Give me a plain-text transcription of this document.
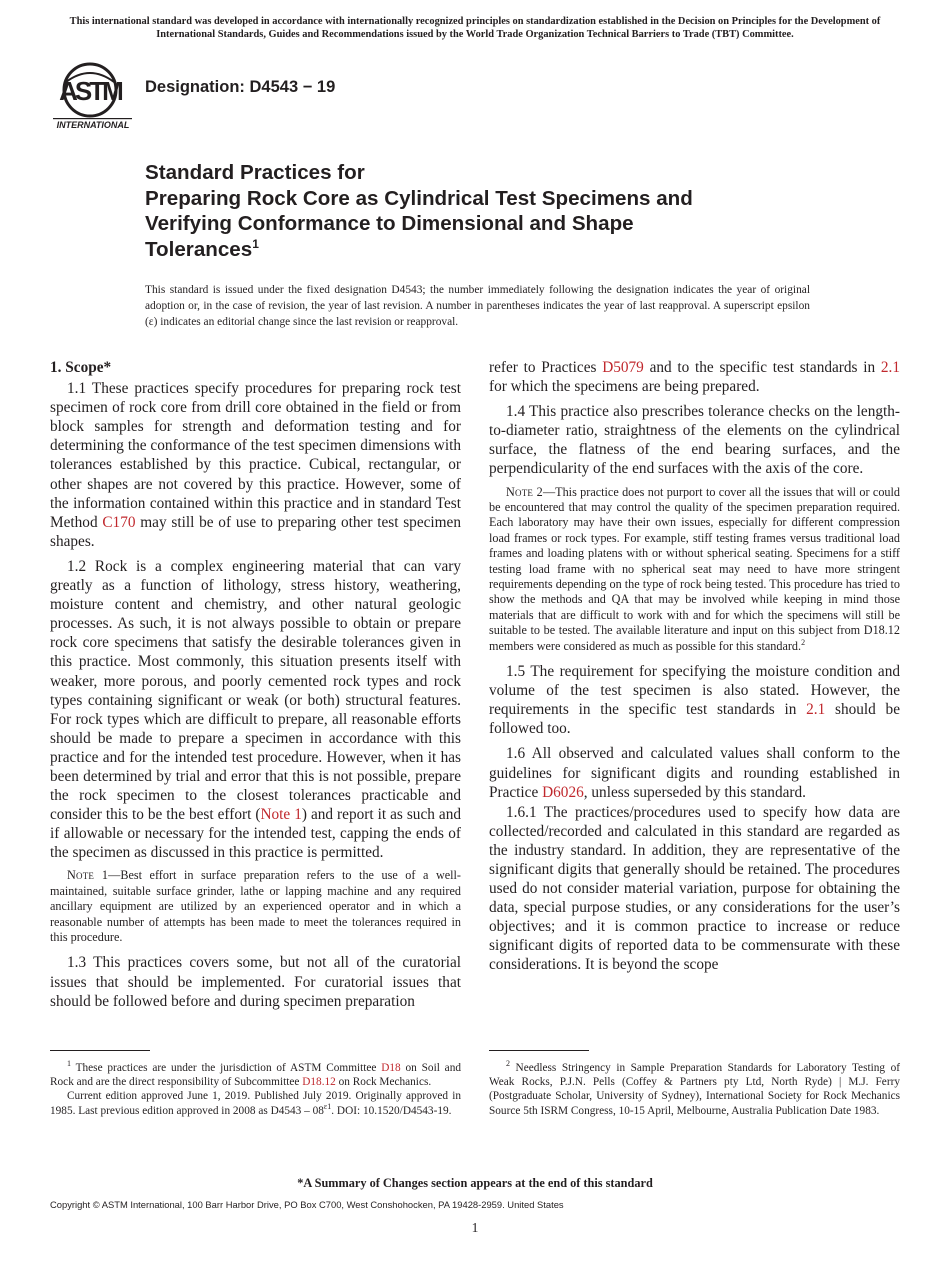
This international standard was developed in accordance with internationally recognized principles on standardization established in the Decision on Principles for the Development of International Standards, Guides and Recommendations issued by the World Trade Organization Technical Barriers to Trade (TBT) Committee.
ASTM
INTERNATIONAL
Designation: D4543 − 19
Standard Practices for
Preparing Rock Core as Cylindrical Test Specimens and
Verifying Conformance to Dimensional and Shape
Tolerances$^1$
This standard is issued under the fixed designation D4543; the number immediately following the designation indicates the year of original adoption or, in the case of revision, the year of last revision. A number in parentheses indicates the year of last reapproval. A superscript epsilon (ε) indicates an editorial change since the last revision or reapproval.
1. Scope*

1.1 These practices specify procedures for preparing rock test specimen of rock core from drill core obtained in the field or from block samples for strength and deformation testing and for determining the conformance of the test specimen dimensions with tolerances established by this practice. Cubical, rectangular, or other shapes are not covered by this practice. However, some of the information contained within this practice and in standard Test Method C170 may still be of use to preparing other test specimen shapes.

1.2 Rock is a complex engineering material that can vary greatly as a function of lithology, stress history, weathering, moisture content and chemistry, and other natural geologic processes. As such, it is not always possible to obtain or prepare rock core specimens that satisfy the desirable tolerances given in this practice. Most commonly, this situation presents itself with weaker, more porous, and poorly cemented rock types and rock types containing significant or weak (or both) structural features. For rock types which are difficult to prepare, all reasonable efforts should be made to prepare a specimen in accordance with this practice and for the intended test procedure. However, when it has been determined by trial and error that this is not possible, prepare the rock specimen to the closest tolerances practicable and consider this to be the best effort (Note 1) and report it as such and if allowable or necessary for the intended test, capping the ends of the specimen as discussed in this practice is permitted.

Note 1—Best effort in surface preparation refers to the use of a well-maintained, suitable surface grinder, lathe or lapping machine and any required ancillary equipment are utilized by an experienced operator and in which a reasonable number of attempts has been made to meet the tolerances required in this procedure.

1.3 This practices covers some, but not all of the curatorial issues that should be implemented. For curatorial issues that should be followed before and during specimen preparation

refer to Practices D5079 and to the specific test standards in 2.1 for which the specimens are being prepared.

1.4 This practice also prescribes tolerance checks on the length-to-diameter ratio, straightness of the elements on the cylindrical surface, the flatness of the end bearing surfaces, and the perpendicularity of the end surfaces with the axis of the core.

Note 2—This practice does not purport to cover all the issues that will or could be encountered that may control the quality of the specimen preparation required. Each laboratory may have their own issues, especially for different compression load frames or rock types. For example, stiff testing frames versus traditional load frames and loading platens with or without spherical seating. Specimens for a stiff testing load frame with no spherical seat may need to have more stringent requirements depending on the type of rock being tested. This procedure has tried to show the methods and QA that may be involved while keeping in mind those materials that are difficult to work with and for which the specimens will still be suitable to be tested. The available literature and input on this subject from D18.12 members were considered as much as possible for this standard.$^2$

1.5 The requirement for specifying the moisture condition and volume of the test specimen is also stated. However, the requirements in the specific test standards in 2.1 should be followed too.

1.6 All observed and calculated values shall conform to the guidelines for significant digits and rounding established in Practice D6026, unless superseded by this standard.

1.6.1 The practices/procedures used to specify how data are collected/recorded and calculated in this standard are regarded as the industry standard. In addition, they are representative of the significant digits that generally should be retained. The procedures used do not consider material variation, purpose for obtaining the data, special purpose studies, or any considerations for the user’s objectives; and it is common practice to increase or reduce significant digits of reported data to be commensurate with these considerations. It is beyond the scope

$^1$ These practices are under the jurisdiction of ASTM Committee D18 on Soil and Rock and are the direct responsibility of Subcommittee D18.12 on Rock Mechanics.

Current edition approved June 1, 2019. Published July 2019. Originally approved in 1985. Last previous edition approved in 2008 as $D4543 - 08^{\varepsilon 1}$. DOI: 10.1520/D4543-19.

$^2$ Needless Stringency in Sample Preparation Standards for Laboratory Testing of Weak Rocks, P.J.N. Pells (Coffey & Partners pty Ltd, North Ryde) | M.J. Ferry (Postgraduate Scholar, University of Sydney), International Society for Rock Mechanics Source 5th ISRM Congress, 10-15 April, Melbourne, Australia Publication Date 1983.

*A Summary of Changes section appears at the end of this standard
Copyright © ASTM International, 100 Barr Harbor Drive, PO Box C700, West Conshohocken, PA 19428-2959. United States
1
